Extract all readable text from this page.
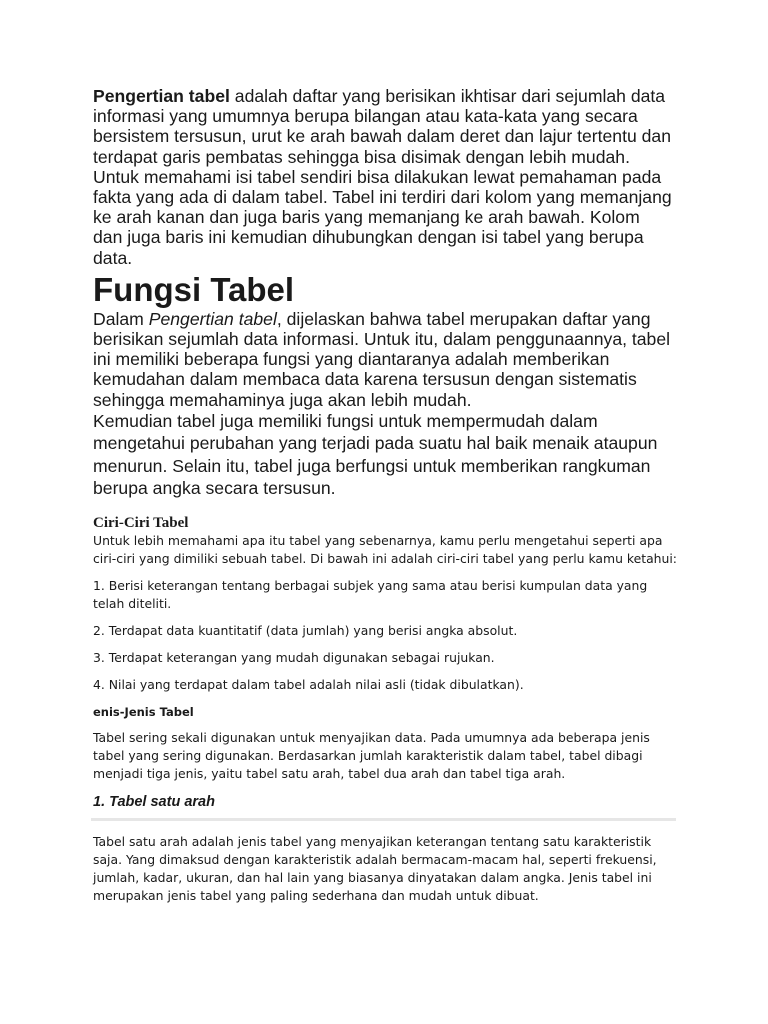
Pengertian tabel adalah daftar yang berisikan ikhtisar dari sejumlah data informasi yang umumnya berupa bilangan atau kata-kata yang secara bersistem tersusun, urut ke arah bawah dalam deret dan lajur tertentu dan terdapat garis pembatas sehingga bisa disimak dengan lebih mudah. Untuk memahami isi tabel sendiri bisa dilakukan lewat pemahaman pada fakta yang ada di dalam tabel. Tabel ini terdiri dari kolom yang memanjang ke arah kanan dan juga baris yang memanjang ke arah bawah. Kolom dan juga baris ini kemudian dihubungkan dengan isi tabel yang berupa data.

Fungsi Tabel

Dalam Pengertian tabel, dijelaskan bahwa tabel merupakan daftar yang berisikan sejumlah data informasi. Untuk itu, dalam penggunaannya, tabel ini memiliki beberapa fungsi yang diantaranya adalah memberikan kemudahan dalam membaca data karena tersusun dengan sistematis sehingga memahaminya juga akan lebih mudah.

Kemudian tabel juga memiliki fungsi untuk mempermudah dalam mengetahui perubahan yang terjadi pada suatu hal baik menaik ataupun menurun. Selain itu, tabel juga berfungsi untuk memberikan rangkuman berupa angka secara tersusun.

Ciri-Ciri Tabel

Untuk lebih memahami apa itu tabel yang sebenarnya, kamu perlu mengetahui seperti apa ciri-ciri yang dimiliki sebuah tabel. Di bawah ini adalah ciri-ciri tabel yang perlu kamu ketahui:

1. Berisi keterangan tentang berbagai subjek yang sama atau berisi kumpulan data yang telah diteliti.

2. Terdapat data kuantitatif (data jumlah) yang berisi angka absolut.

3. Terdapat keterangan yang mudah digunakan sebagai rujukan.

4. Nilai yang terdapat dalam tabel adalah nilai asli (tidak dibulatkan).

enis-Jenis Tabel

Tabel sering sekali digunakan untuk menyajikan data. Pada umumnya ada beberapa jenis tabel yang sering digunakan. Berdasarkan jumlah karakteristik dalam tabel, tabel dibagi menjadi tiga jenis, yaitu tabel satu arah, tabel dua arah dan tabel tiga arah.

1. Tabel satu arah

Tabel satu arah adalah jenis tabel yang menyajikan keterangan tentang satu karakteristik saja. Yang dimaksud dengan karakteristik adalah bermacam-macam hal, seperti frekuensi, jumlah, kadar, ukuran, dan hal lain yang biasanya dinyatakan dalam angka. Jenis tabel ini merupakan jenis tabel yang paling sederhana dan mudah untuk dibuat.
